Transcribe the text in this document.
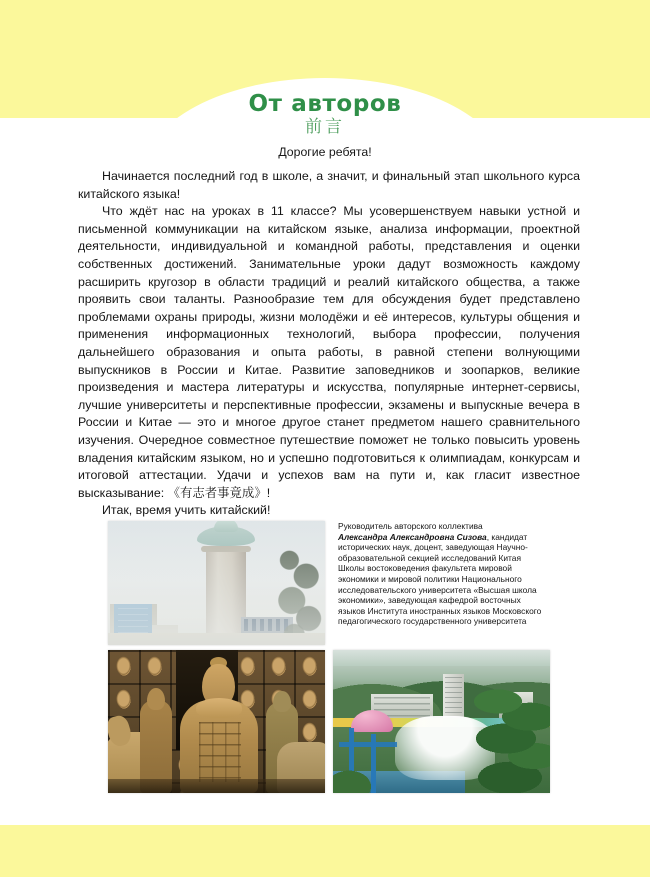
От авторов
前言
Дорогие ребята!

Начинается последний год в школе, а значит, и финальный этап школьного курса китайского языка!

Что ждёт нас на уроках в 11 классе? Мы усовершенствуем навыки устной и письменной коммуникации на китайском языке, анализа информации, проектной деятельности, индивидуальной и командной работы, представления и оценки собственных достижений. Занимательные уроки дадут возможность каждому расширить кругозор в области традиций и реалий китайского общества, а также проявить свои таланты. Разнообразие тем для обсуждения будет представлено проблемами охраны природы, жизни молодёжи и её интересов, культуры общения и применения информационных технологий, выбора профессии, получения дальнейшего образования и опыта работы, в равной степени волнующими выпускников в России и Китае. Развитие заповедников и зоопарков, великие произведения и мастера литературы и искусства, популярные интернет-сервисы, лучшие университеты и перспективные профессии, экзамены и выпускные вечера в России и Китае — это и многое другое станет предметом нашего сравнительного изучения. Очередное совместное путешествие поможет не только повысить уровень владения китайским языком, но и успешно подготовиться к олимпиадам, конкурсам и итоговой аттестации. Удачи и успехов вам на пути и, как гласит известное высказывание: 《有志者事竟成》!

Итак, время учить китайский!

Руководитель авторского коллектива
Александра Александровна Сизова, кандидат исторических наук, доцент, заведующая Научно-образовательной секцией исследований Китая Школы востоковедения факультета мировой экономики и мировой политики Национального исследовательского университета «Высшая школа экономики», заведующая кафедрой восточных языков Института иностранных языков Московского педагогического государственного университета
